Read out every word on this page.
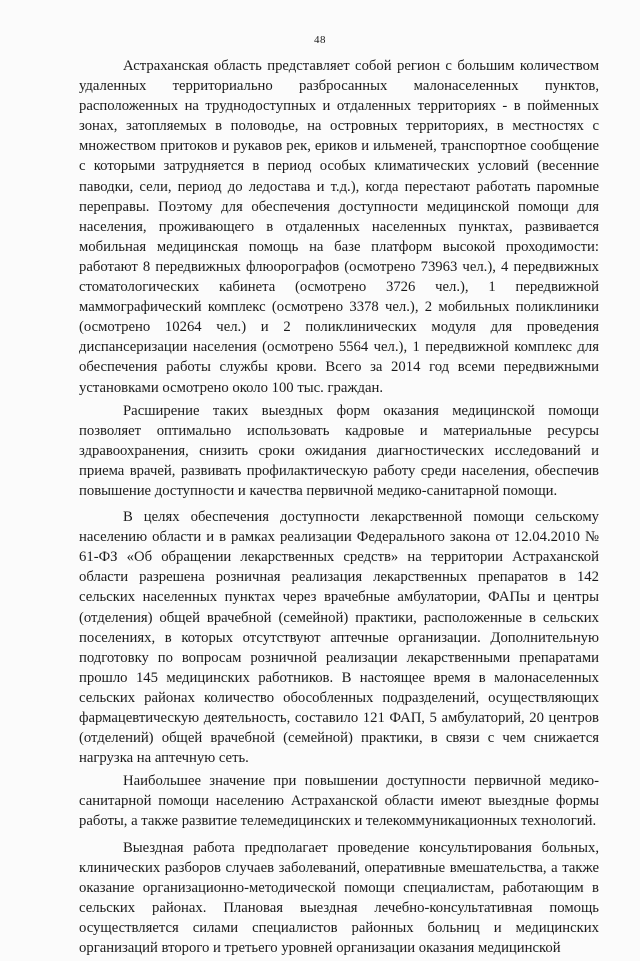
48

Астраханская область представляет собой регион с большим количеством удаленных территориально разбросанных малонаселенных пунктов, расположенных на труднодоступных и отдаленных территориях - в пойменных зонах, затопляемых в половодье, на островных территориях, в местностях с множеством притоков и рукавов рек, ериков и ильменей, транспортное сообщение с которыми затрудняется в период особых климатических условий (весенние паводки, сели, период до ледостава и т.д.), когда перестают работать паромные переправы. Поэтому для обеспечения доступности медицинской помощи для населения, проживающего в отдаленных населенных пунктах, развивается мобильная медицинская помощь на базе платформ высокой проходимости: работают 8 передвижных флюорографов (осмотрено 73963 чел.), 4 передвижных стоматологических кабинета (осмотрено 3726 чел.), 1 передвижной маммографический комплекс (осмотрено 3378 чел.), 2 мобильных поликлиники (осмотрено 10264 чел.) и 2 поликлинических модуля для проведения диспансеризации населения (осмотрено 5564 чел.), 1 передвижной комплекс для обеспечения работы службы крови. Всего за 2014 год всеми передвижными установками осмотрено около 100 тыс. граждан.

Расширение таких выездных форм оказания медицинской помощи позволяет оптимально использовать кадровые и материальные ресурсы здравоохранения, снизить сроки ожидания диагностических исследований и приема врачей, развивать профилактическую работу среди населения, обеспечив повышение доступности и качества первичной медико-санитарной помощи.

В целях обеспечения доступности лекарственной помощи сельскому населению области и в рамках реализации Федерального закона от 12.04.2010 № 61-ФЗ «Об обращении лекарственных средств» на территории Астраханской области разрешена розничная реализация лекарственных препаратов в 142 сельских населенных пунктах через врачебные амбулатории, ФАПы и центры (отделения) общей врачебной (семейной) практики, расположенные в сельских поселениях, в которых отсутствуют аптечные организации. Дополнительную подготовку по вопросам розничной реализации лекарственными препаратами прошло 145 медицинских работников. В настоящее время в малонаселенных сельских районах количество обособленных подразделений, осуществляющих фармацевтическую деятельность, составило 121 ФАП, 5 амбулаторий, 20 центров (отделений) общей врачебной (семейной) практики, в связи с чем снижается нагрузка на аптечную сеть.

Наибольшее значение при повышении доступности первичной медико-санитарной помощи населению Астраханской области имеют выездные формы работы, а также развитие телемедицинских и телекоммуникационных технологий.

Выездная работа предполагает проведение консультирования больных, клинических разборов случаев заболеваний, оперативные вмешательства, а также оказание организационно-методической помощи специалистам, работающим в сельских районах. Плановая выездная лечебно-консультативная помощь осуществляется силами специалистов районных больниц и медицинских организаций второго и третьего уровней организации оказания медицинской
